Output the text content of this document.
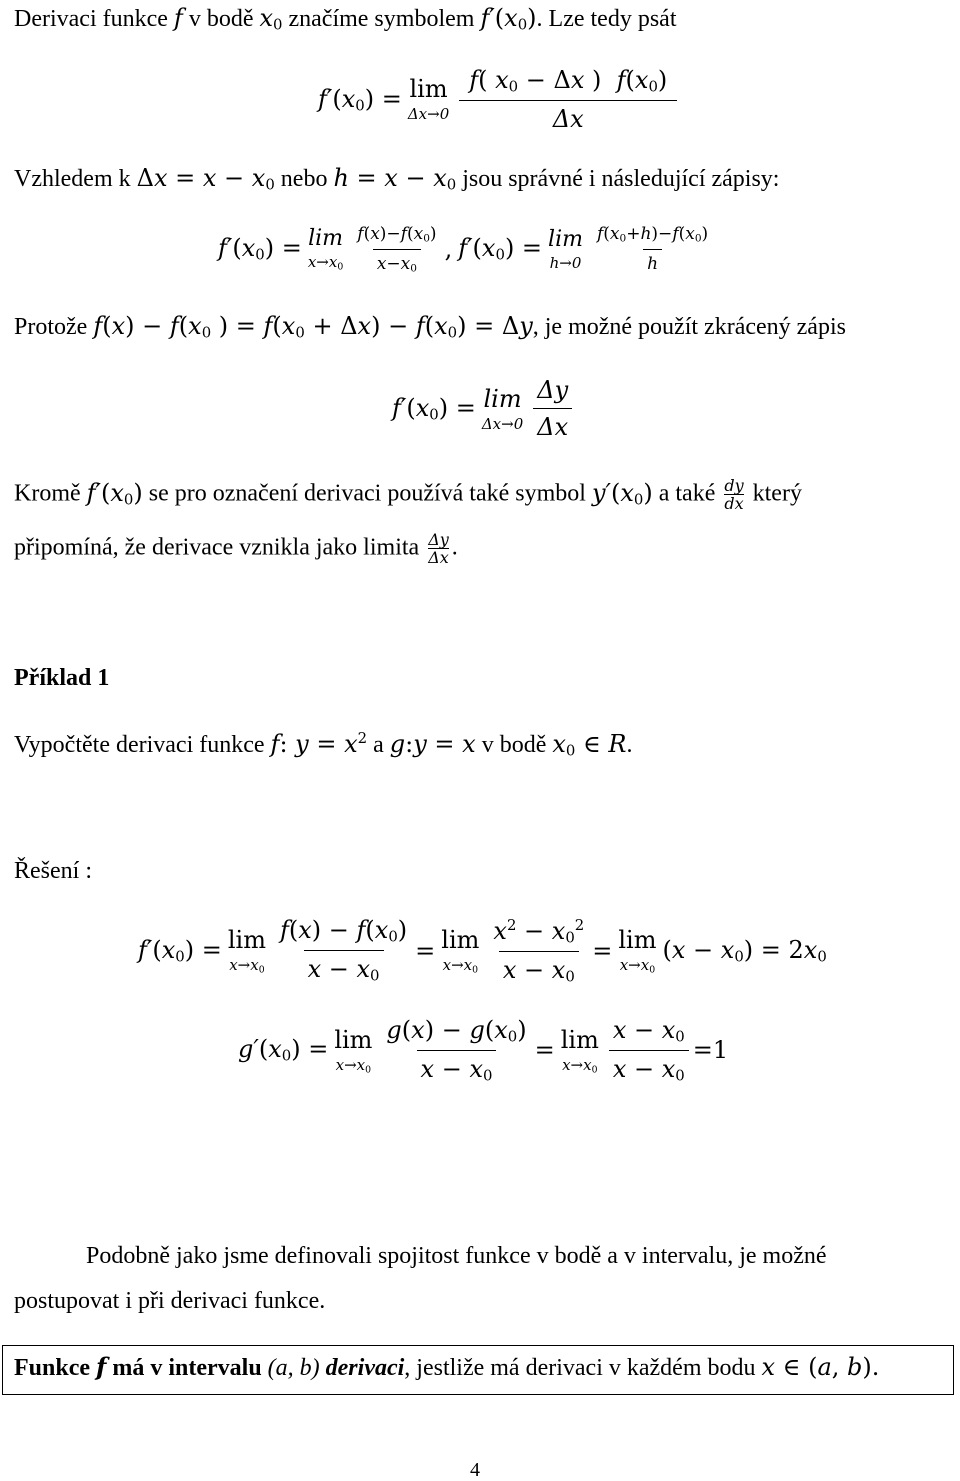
Derivaci funkce f v bodě $x_0$ značíme symbolem $f'(x_0)$. Lze tedy psát
$f'(x_0) = \lim$
$\Delta x\to 0 \frac{f( x_0 - \Delta x ) f(x_0)}{\Delta x}$
Vzhledem k $\Delta x = x - x_0$ nebo $h = x - x_0$ jsou správné i následující zápisy:
$f'(x_0) = \lim$
$x\to x_0 \frac{f(x)-f(x_0)}{x-x_0}$ , $f'(x_0) = \lim$
$h\to 0 \frac{f(x_0+h)-f(x_0)}{h}$
Protože $f(x) - f(x_0$ ) = $f(x_0 + \Delta x) - f(x_0) = \Delta y$, je možné použít zkrácený zápis
$f'(x_0) = \lim$
$\Delta x\to 0 \frac{\Delta y}{\Delta x}$
Kromě $f'(x_0)$ se pro označení derivaci používá také symbol $y'(x_0)$ a také $\frac{dy}{dx}$ který
připomíná, že derivace vznikla jako limita $\frac{\Delta y}{\Delta x}$ .
Příklad 1
Vypočtěte derivaci funkce f: $y = x^2$ a g:y = x v bodě $x_0$ ∈ R.
Řešení :
$f'(x_0) = \lim$
$x\to x_0 \frac{f(x) - f(x_0)}{x - x_0} = \lim$
$x\to x_0 \frac{x^2 - x_0^2}{x - x_0} = \lim$
$x\to x_0$
$(x - x_0) = 2x_0$
$g'(x_0) = \lim$
$x\to x_0 \frac{g(x) - g(x_0)}{x - x_0} = \lim$
$x\to x_0 \frac{x - x_0}{x - x_0} = 1$
Podobně jako jsme definovali spojitost funkce v bodě a v intervalu, je možné
postupovat i při derivaci funkce.
Funkce f má v intervalu (a, b) derivaci, jestliže má derivaci v každém bodu x ∈ (a, b).
4
